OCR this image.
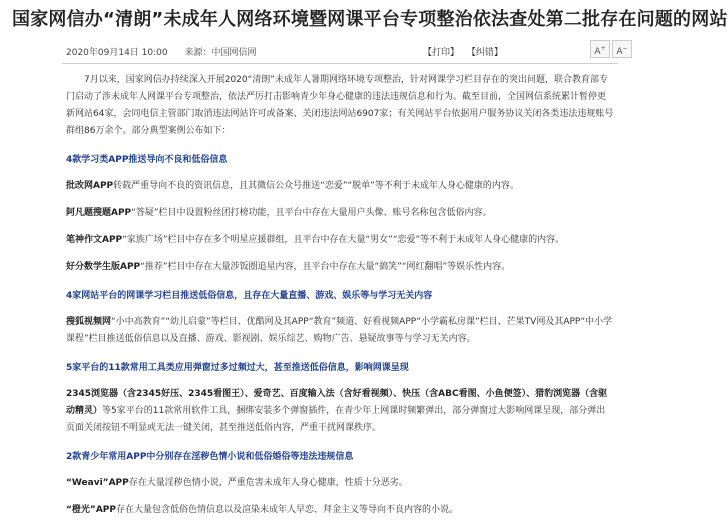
国家网信办“清朗”未成年人网络环境暨网课平台专项整治依法查处第二批存在问题的网站
2020年09月14日 10:00 来源：中国网信网	【打印】 【纠错】	A+	A−

7月以来，国家网信办持续深入开展2020“清朗”未成年人暑期网络环境专项整治，针对网课学习栏目存在的突出问题，联合教育部专门启动了涉未成年人网课平台专项整治，依法严厉打击影响青少年身心健康的违法违规信息和行为。截至目前，全国网信系统累计暂停更新网站64家，会同电信主管部门取消违法网站许可或备案、关闭违法网站6907家；有关网站平台依据用户服务协议关闭各类违法违规账号群组86万余个。部分典型案例公布如下：

4款学习类APP推送导向不良和低俗信息

批改网APP转载严重导向不良的资讯信息，且其微信公众号推送“恋爱”“脱单”等不利于未成年人身心健康的内容。

阿凡题搜题APP“答疑”栏目中设置粉丝团打榜功能，且平台中存在大量用户头像、账号名称包含低俗内容。

笔神作文APP“家族广场”栏目中存在多个明星应援群组，且平台中存在大量“男女”“恋爱”等不利于未成年人身心健康的内容。

好分数学生版APP“推荐”栏目中存在大量涉饭圈追星内容，且平台中存在大量“搞笑”“网红翻唱”等娱乐性内容。

4家网站平台的网课学习栏目推送低俗信息，且存在大量直播、游戏、娱乐等与学习无关内容

搜狐视频网“小中高教育”“幼儿启蒙”等栏目、优酷网及其APP“教育”频道、好看视频APP“小学霸私房课”栏目、芒果TV网及其APP“中小学课程”栏目推送低俗信息以及直播、游戏、影视剧、娱乐综艺、购物广告、悬疑故事等与学习无关内容。

5家平台的11款常用工具类应用弹窗过多过频过大，甚至推送低俗信息，影响网课呈现

2345浏览器（含2345好压、2345看图王）、爱奇艺、百度输入法（含好看视频）、快压（含ABC看图、小鱼便签）、猎豹浏览器（含驱动精灵）等5家平台的11款常用软件工具，捆绑安装多个弹窗插件，在青少年上网课时频繁弹出，部分弹窗过大影响网课呈现，部分弹出页面关闭按钮不明显或无法一键关闭，甚至推送低俗内容，严重干扰网课秩序。

2款青少年常用APP中分别存在淫秽色情小说和低俗婚俗等违法违规信息

“Weavi”APP存在大量淫秽色情小说，严重危害未成年人身心健康，性质十分恶劣。

“橙光”APP存在大量包含低俗色情信息以及渲染未成年人早恋、拜金主义等导向不良内容的小说。
